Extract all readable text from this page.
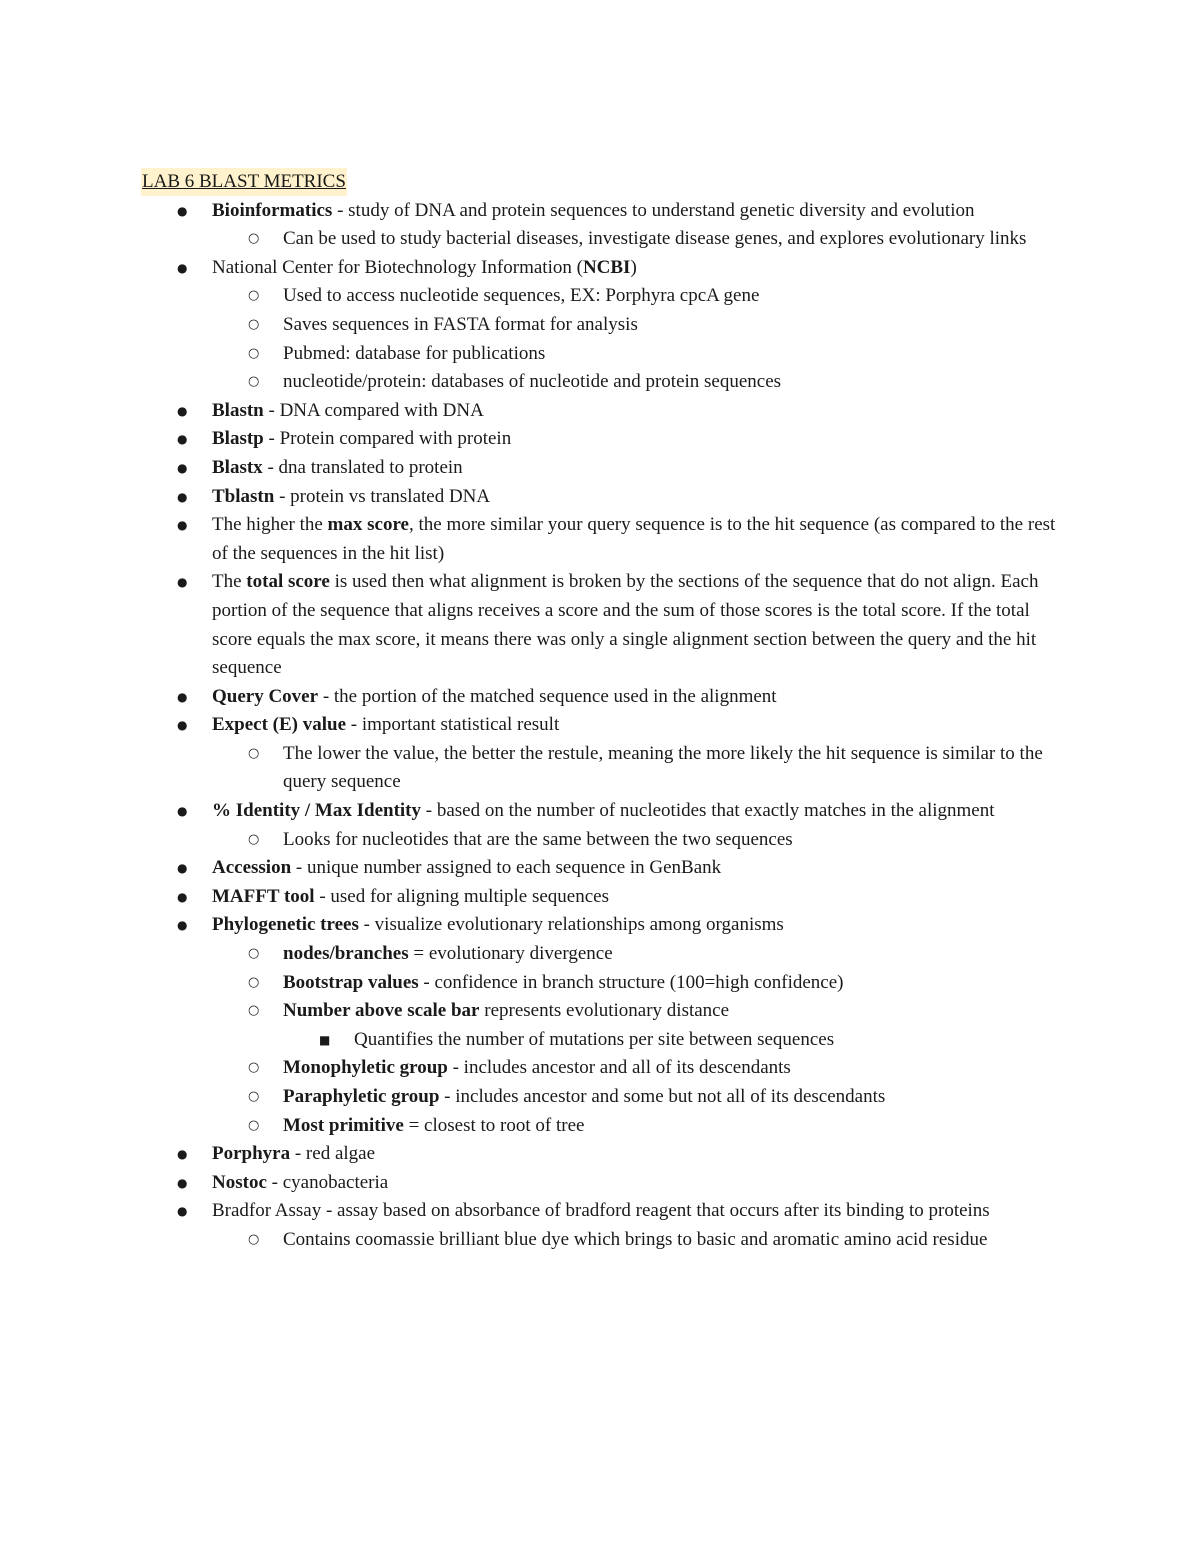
LAB 6 BLAST METRICS
● Bioinformatics - study of DNA and protein sequences to understand genetic diversity and evolution
○ Can be used to study bacterial diseases, investigate disease genes, and explores evolutionary links
● National Center for Biotechnology Information (NCBI)
○ Used to access nucleotide sequences, EX: Porphyra cpcA gene
○ Saves sequences in FASTA format for analysis
○ Pubmed: database for publications
○ nucleotide/protein: databases of nucleotide and protein sequences
● Blastn - DNA compared with DNA
● Blastp - Protein compared with protein
● Blastx - dna translated to protein
● Tblastn - protein vs translated DNA
● The higher the max score, the more similar your query sequence is to the hit sequence (as compared to the rest of the sequences in the hit list)
● The total score is used then what alignment is broken by the sections of the sequence that do not align. Each portion of the sequence that aligns receives a score and the sum of those scores is the total score. If the total score equals the max score, it means there was only a single alignment section between the query and the hit sequence
● Query Cover - the portion of the matched sequence used in the alignment
● Expect (E) value - important statistical result
○ The lower the value, the better the restule, meaning the more likely the hit sequence is similar to the query sequence
● % Identity / Max Identity - based on the number of nucleotides that exactly matches in the alignment
○ Looks for nucleotides that are the same between the two sequences
● Accession - unique number assigned to each sequence in GenBank
● MAFFT tool - used for aligning multiple sequences
● Phylogenetic trees - visualize evolutionary relationships among organisms
○ nodes/branches = evolutionary divergence
○ Bootstrap values - confidence in branch structure (100=high confidence)
○ Number above scale bar represents evolutionary distance
■ Quantifies the number of mutations per site between sequences
○ Monophyletic group - includes ancestor and all of its descendants
○ Paraphyletic group - includes ancestor and some but not all of its descendants
○ Most primitive = closest to root of tree
● Porphyra - red algae
● Nostoc - cyanobacteria
● Bradfor Assay - assay based on absorbance of bradford reagent that occurs after its binding to proteins
○ Contains coomassie brilliant blue dye which brings to basic and aromatic amino acid residue
